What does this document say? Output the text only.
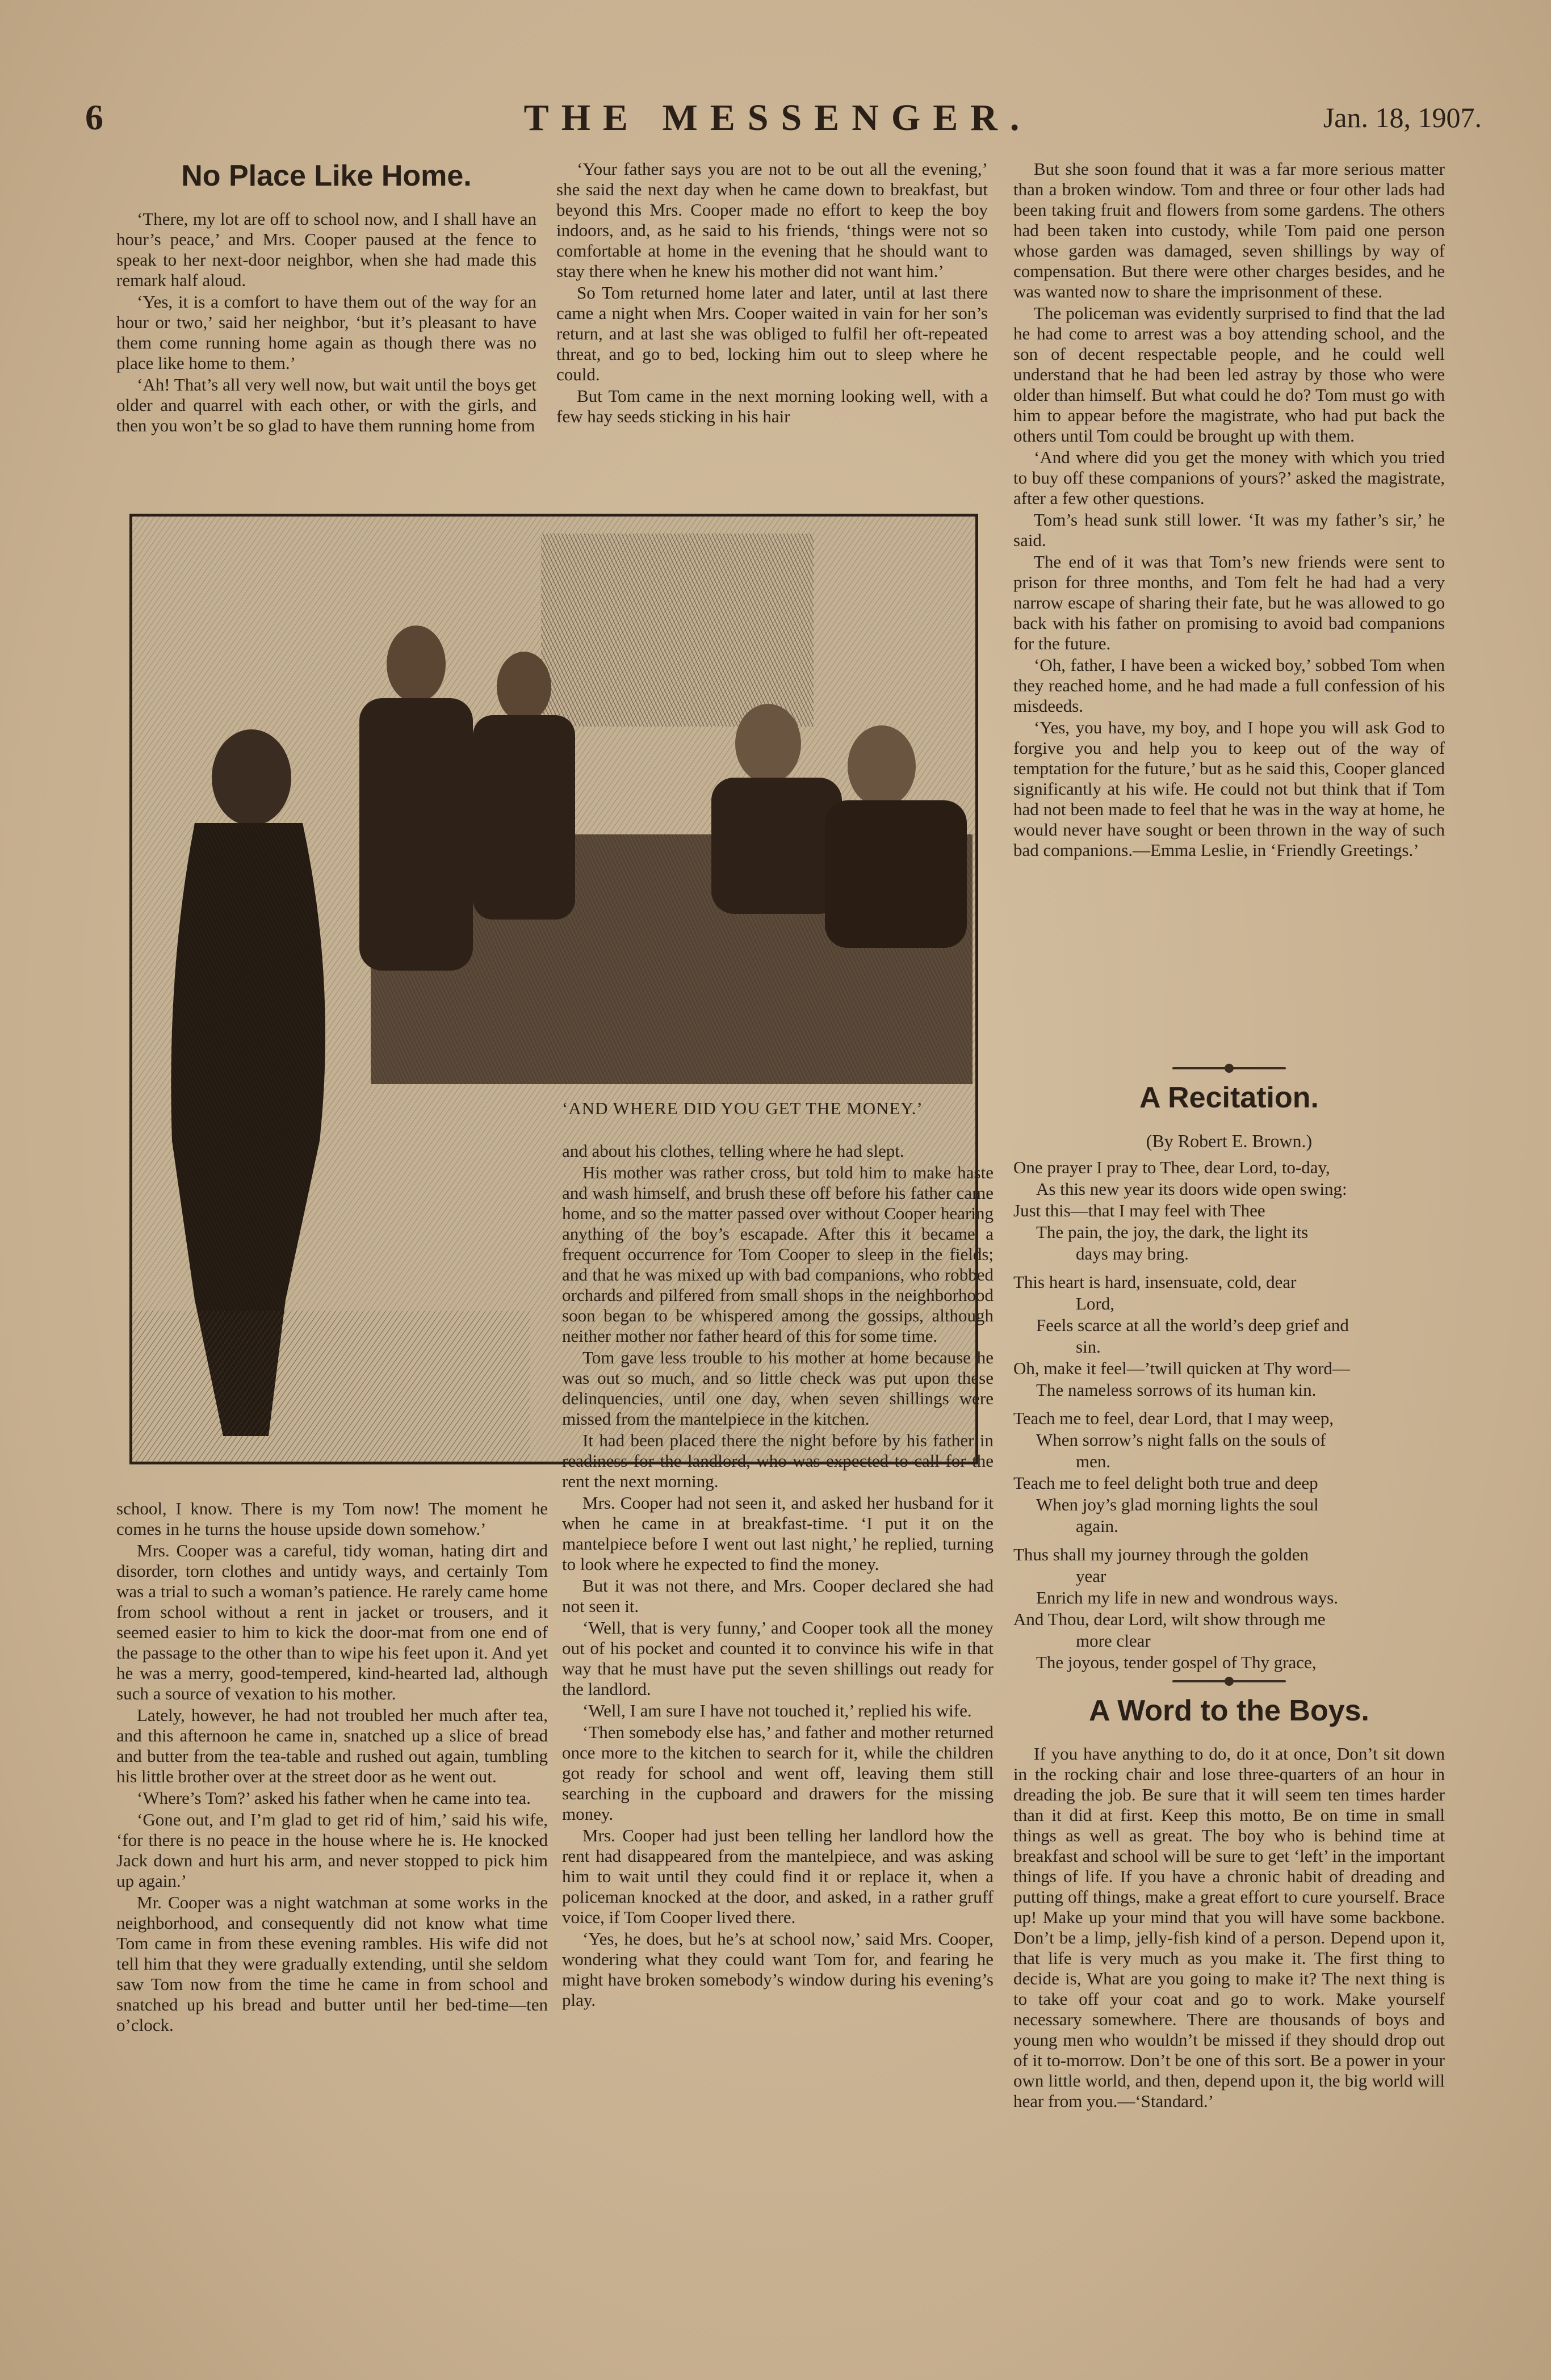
6	THE MESSENGER.	Jan. 18, 1907.
No Place Like Home.

‘There, my lot are off to school now, and I shall have an hour’s peace,’ and Mrs. Cooper paused at the fence to speak to her next-door neighbor, when she had made this remark half aloud.

‘Yes, it is a comfort to have them out of the way for an hour or two,’ said her neighbor, ‘but it’s pleasant to have them come running home again as though there was no place like home to them.’

‘Ah! That’s all very well now, but wait until the boys get older and quarrel with each other, or with the girls, and then you won’t be so glad to have them running home from

‘Your father says you are not to be out all the evening,’ she said the next day when he came down to breakfast, but beyond this Mrs. Cooper made no effort to keep the boy indoors, and, as he said to his friends, ‘things were not so comfortable at home in the evening that he should want to stay there when he knew his mother did not want him.’

So Tom returned home later and later, until at last there came a night when Mrs. Cooper waited in vain for her son’s return, and at last she was obliged to fulfil her oft-repeated threat, and go to bed, locking him out to sleep where he could.

But Tom came in the next morning looking well, with a few hay seeds sticking in his hair

‘AND WHERE DID YOU GET THE MONEY.’

school, I know. There is my Tom now! The moment he comes in he turns the house upside down somehow.’

Mrs. Cooper was a careful, tidy woman, hating dirt and disorder, torn clothes and untidy ways, and certainly Tom was a trial to such a woman’s patience. He rarely came home from school without a rent in jacket or trousers, and it seemed easier to him to kick the door-mat from one end of the passage to the other than to wipe his feet upon it. And yet he was a merry, good-tempered, kind-hearted lad, although such a source of vexation to his mother.

Lately, however, he had not troubled her much after tea, and this afternoon he came in, snatched up a slice of bread and butter from the tea-table and rushed out again, tumbling his little brother over at the street door as he went out.

‘Where’s Tom?’ asked his father when he came into tea.

‘Gone out, and I’m glad to get rid of him,’ said his wife, ‘for there is no peace in the house where he is. He knocked Jack down and hurt his arm, and never stopped to pick him up again.’

Mr. Cooper was a night watchman at some works in the neighborhood, and consequently did not know what time Tom came in from these evening rambles. His wife did not tell him that they were gradually extending, until she seldom saw Tom now from the time he came in from school and snatched up his bread and butter until her bed-time—ten o’clock.

and about his clothes, telling where he had slept.

His mother was rather cross, but told him to make haste and wash himself, and brush these off before his father came home, and so the matter passed over without Cooper hearing anything of the boy’s escapade. After this it became a frequent occurrence for Tom Cooper to sleep in the fields; and that he was mixed up with bad companions, who robbed orchards and pilfered from small shops in the neighborhood soon began to be whispered among the gossips, although neither mother nor father heard of this for some time.

Tom gave less trouble to his mother at home because he was out so much, and so little check was put upon these delinquencies, until one day, when seven shillings were missed from the mantelpiece in the kitchen.

It had been placed there the night before by his father in readiness for the landlord, who was expected to call for the rent the next morning.

Mrs. Cooper had not seen it, and asked her husband for it when he came in at breakfast-time. ‘I put it on the mantelpiece before I went out last night,’ he replied, turning to look where he expected to find the money.

But it was not there, and Mrs. Cooper declared she had not seen it.

‘Well, that is very funny,’ and Cooper took all the money out of his pocket and counted it to convince his wife in that way that he must have put the seven shillings out ready for the landlord.

‘Well, I am sure I have not touched it,’ replied his wife.

‘Then somebody else has,’ and father and mother returned once more to the kitchen to search for it, while the children got ready for school and went off, leaving them still searching in the cupboard and drawers for the missing money.

Mrs. Cooper had just been telling her landlord how the rent had disappeared from the mantelpiece, and was asking him to wait until they could find it or replace it, when a policeman knocked at the door, and asked, in a rather gruff voice, if Tom Cooper lived there.

‘Yes, he does, but he’s at school now,’ said Mrs. Cooper, wondering what they could want Tom for, and fearing he might have broken somebody’s window during his evening’s play.

But she soon found that it was a far more serious matter than a broken window. Tom and three or four other lads had been taking fruit and flowers from some gardens. The others had been taken into custody, while Tom paid one person whose garden was damaged, seven shillings by way of compensation. But there were other charges besides, and he was wanted now to share the imprisonment of these.

The policeman was evidently surprised to find that the lad he had come to arrest was a boy attending school, and the son of decent respectable people, and he could well understand that he had been led astray by those who were older than himself. But what could he do? Tom must go with him to appear before the magistrate, who had put back the others until Tom could be brought up with them.

‘And where did you get the money with which you tried to buy off these companions of yours?’ asked the magistrate, after a few other questions.

Tom’s head sunk still lower. ‘It was my father’s sir,’ he said.

The end of it was that Tom’s new friends were sent to prison for three months, and Tom felt he had had a very narrow escape of sharing their fate, but he was allowed to go back with his father on promising to avoid bad companions for the future.

‘Oh, father, I have been a wicked boy,’ sobbed Tom when they reached home, and he had made a full confession of his misdeeds.

‘Yes, you have, my boy, and I hope you will ask God to forgive you and help you to keep out of the way of temptation for the future,’ but as he said this, Cooper glanced significantly at his wife. He could not but think that if Tom had not been made to feel that he was in the way at home, he would never have sought or been thrown in the way of such bad companions.—Emma Leslie, in ‘Friendly Greetings.’

A Recitation.
(By Robert E. Brown.)
One prayer I pray to Thee, dear Lord, to-day,
As this new year its doors wide open swing:
Just this—that I may feel with Thee
The pain, the joy, the dark, the light its
days may bring.
This heart is hard, insensuate, cold, dear
Lord,
Feels scarce at all the world’s deep grief and
sin.
Oh, make it feel—’twill quicken at Thy word—
The nameless sorrows of its human kin.
Teach me to feel, dear Lord, that I may weep,
When sorrow’s night falls on the souls of
men.
Teach me to feel delight both true and deep
When joy’s glad morning lights the soul
again.
Thus shall my journey through the golden
year
Enrich my life in new and wondrous ways.
And Thou, dear Lord, wilt show through me
more clear
The joyous, tender gospel of Thy grace,
A Word to the Boys.

If you have anything to do, do it at once, Don’t sit down in the rocking chair and lose three-quarters of an hour in dreading the job. Be sure that it will seem ten times harder than it did at first. Keep this motto, Be on time in small things as well as great. The boy who is behind time at breakfast and school will be sure to get ‘left’ in the important things of life. If you have a chronic habit of dreading and putting off things, make a great effort to cure yourself. Brace up! Make up your mind that you will have some backbone. Don’t be a limp, jelly-fish kind of a person. Depend upon it, that life is very much as you make it. The first thing to decide is, What are you going to make it? The next thing is to take off your coat and go to work. Make yourself necessary somewhere. There are thousands of boys and young men who wouldn’t be missed if they should drop out of it to-morrow. Don’t be one of this sort. Be a power in your own little world, and then, depend upon it, the big world will hear from you.—‘Standard.’
